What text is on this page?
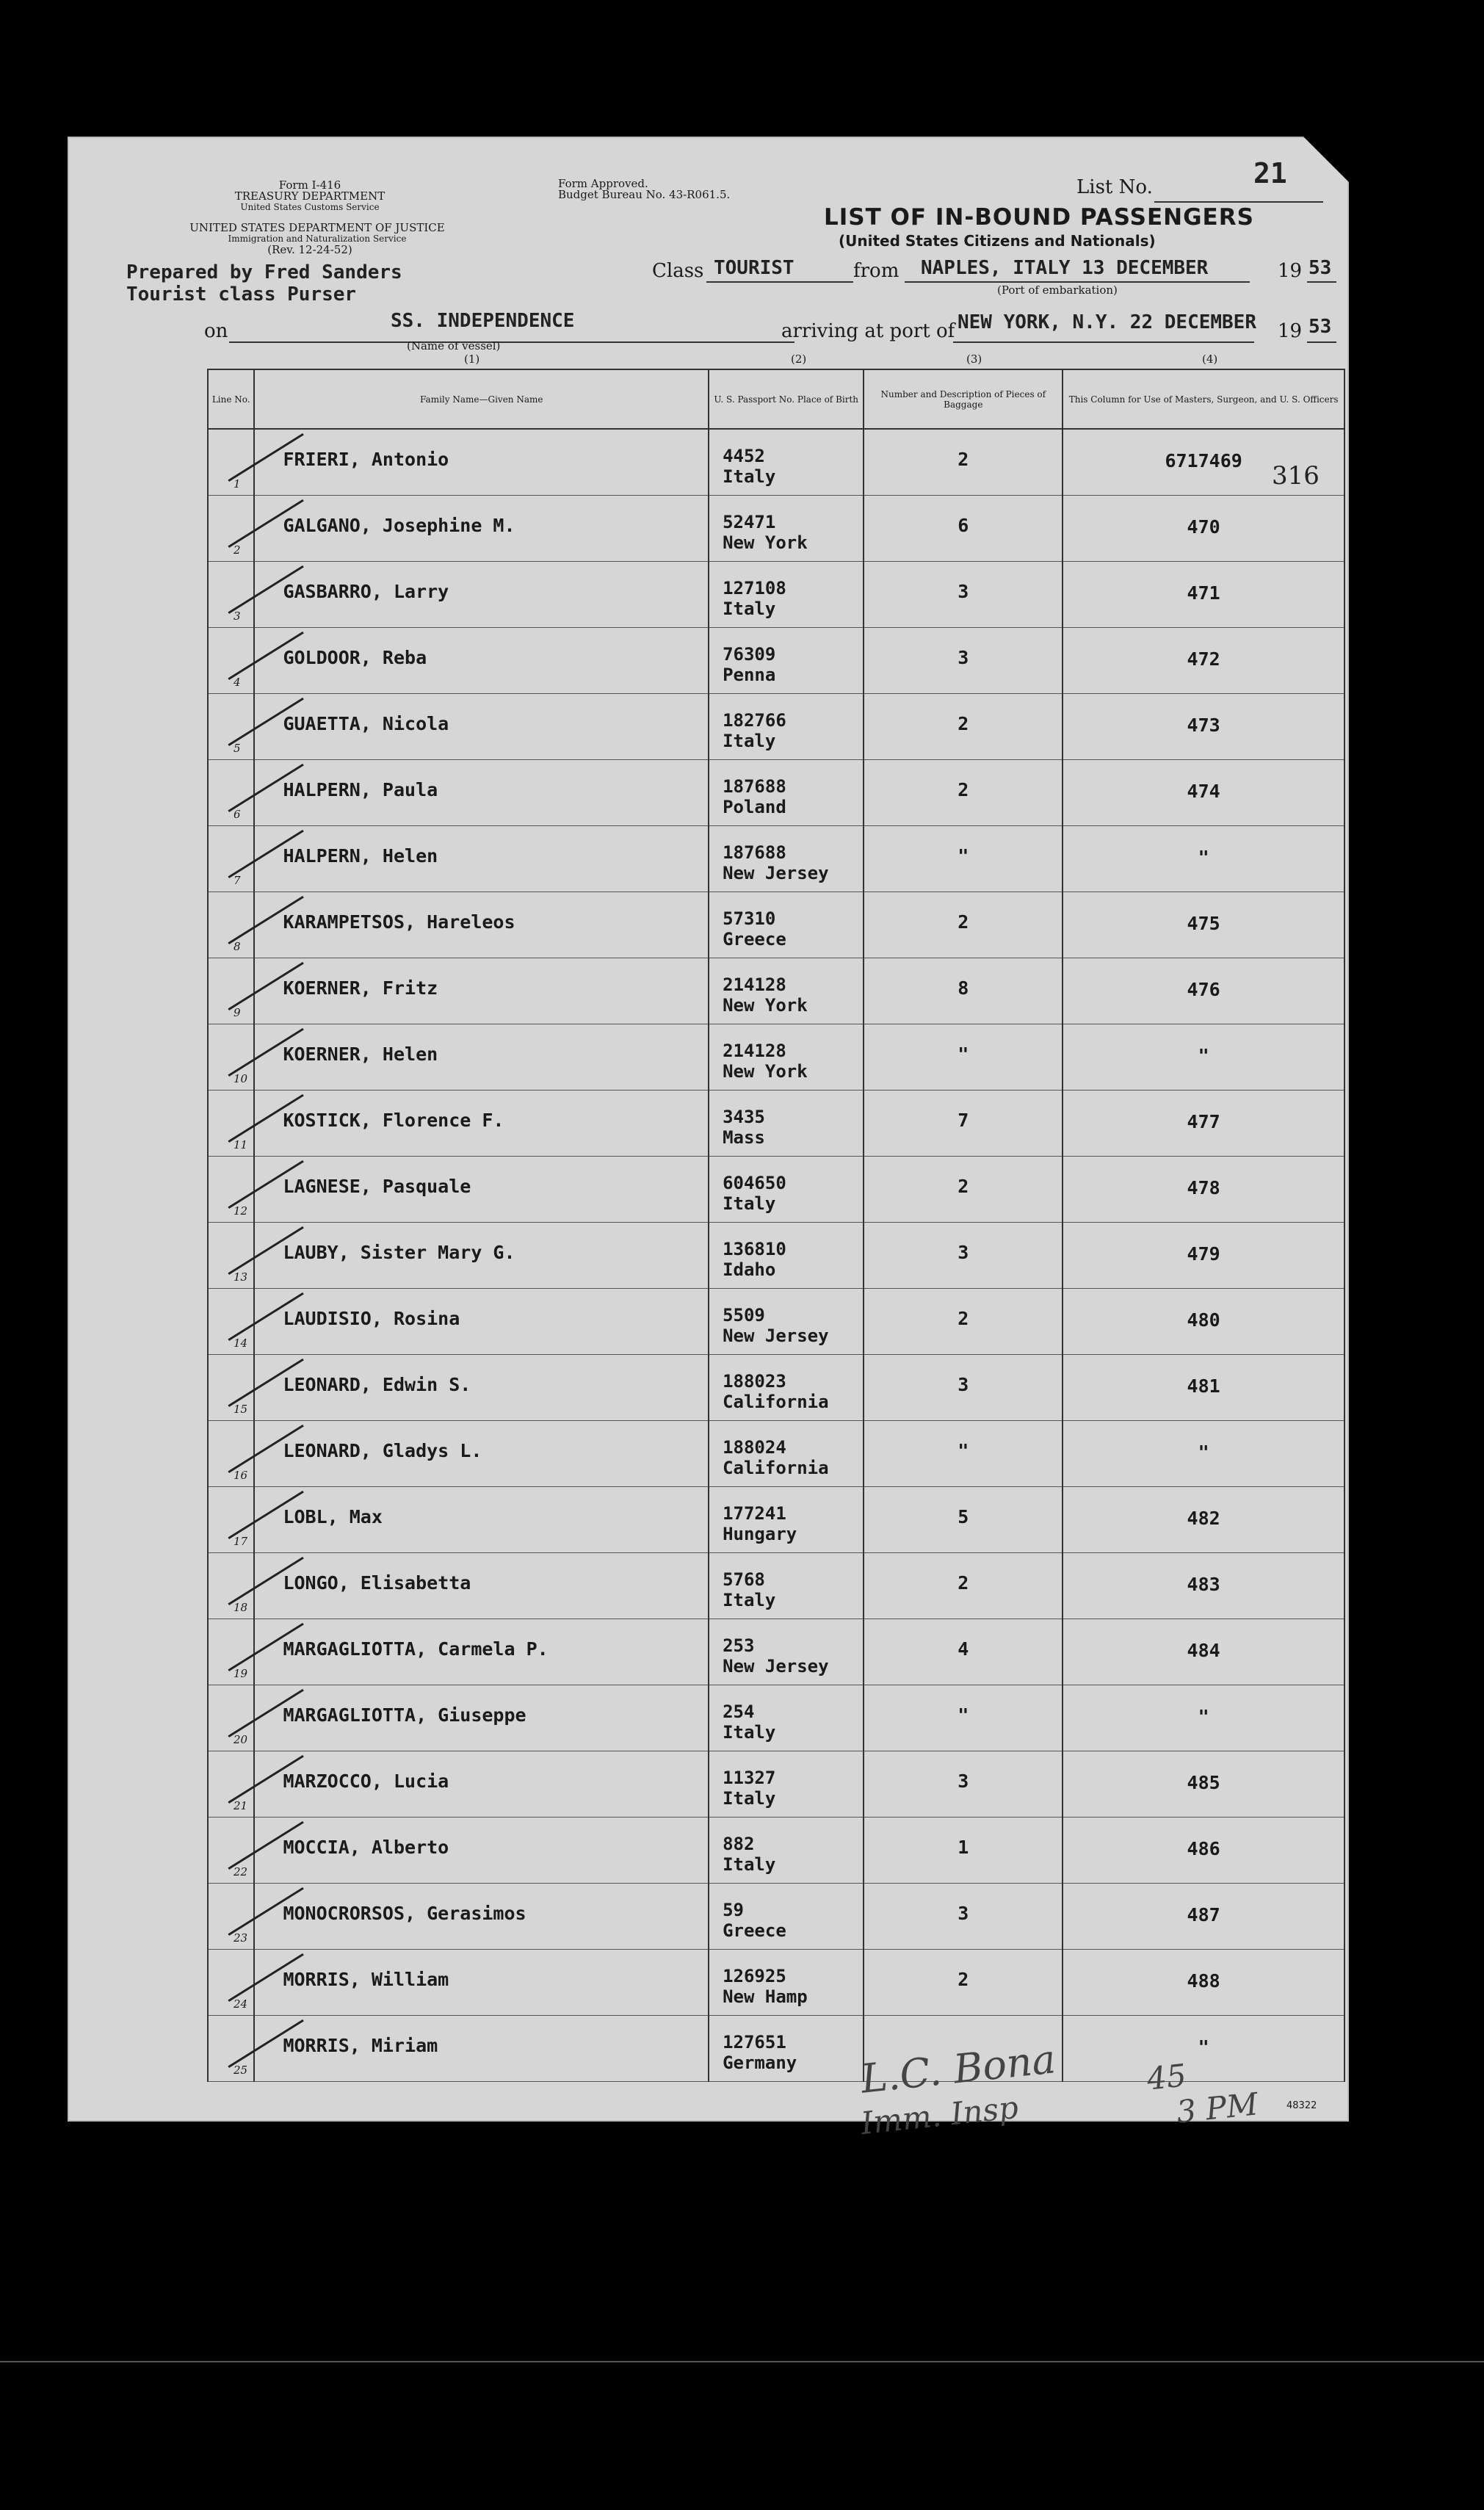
Form I-416
TREASURY DEPARTMENT
United States Customs Service
UNITED STATES DEPARTMENT OF JUSTICE
Immigration and Naturalization Service
(Rev. 12-24-52)
Form Approved.
Budget Bureau No. 43-R061.5.	List No.	21
LIST OF IN-BOUND PASSENGERS
(United States Citizens and Nationals)
Prepared by Fred Sanders
Tourist class Purser
Class TOURIST	from NAPLES, ITALY 13 DECEMBER	19 53
(Port of embarkation)
on	SS. INDEPENDENCE
(Name of vessel)
arriving at port of NEW YORK, N.Y. 22 DECEMBER 19 53
(1)	(2)	(3)	(4)
Line No.	Family Name—Given Name	U. S. Passport No. Place of Birth	Number and Description of Pieces of Baggage	This Column for Use of Masters, Surgeon, and U. S. Officers

1	FRIERI, Antonio	4452
Italy	2	6717469

2	GALGANO, Josephine M.	52471
New York	6	470

3	GASBARRO, Larry	127108
Italy	3	471

4	GOLDOOR, Reba	76309
Penna	3	472

5	GUAETTA, Nicola	182766
Italy	2	473

6	HALPERN, Paula	187688
Poland	2	474

7	HALPERN, Helen	187688
New Jersey	"	"

8	KARAMPETSOS, Hareleos	57310
Greece	2	475

9	KOERNER, Fritz	214128
New York	8	476

10	KOERNER, Helen	214128
New York	"	"

11	KOSTICK, Florence F.	3435
Mass	7	477

12	LAGNESE, Pasquale	604650
Italy	2	478

13	LAUBY, Sister Mary G.	136810
Idaho	3	479

14	LAUDISIO, Rosina	5509
New Jersey	2	480

15	LEONARD, Edwin S.	188023
California	3	481

16	LEONARD, Gladys L.	188024
California	"	"

17	LOBL, Max	177241
Hungary	5	482

18	LONGO, Elisabetta	5768
Italy	2	483

19	MARGAGLIOTTA, Carmela P.	253
New Jersey	4	484

20	MARGAGLIOTTA, Giuseppe	254
Italy	"	"

21	MARZOCCO, Lucia	11327
Italy	3	485

22	MOCCIA, Alberto	882
Italy	1	486

23	MONOCRORSOS, Gerasimos	59
Greece	3	487

24	MORRIS, William	126925
New Hamp	2	488

25	MORRIS, Miriam	127651
Germany		"
316
L.C. Bona
Imm. Insp
45
3 PM	48322
